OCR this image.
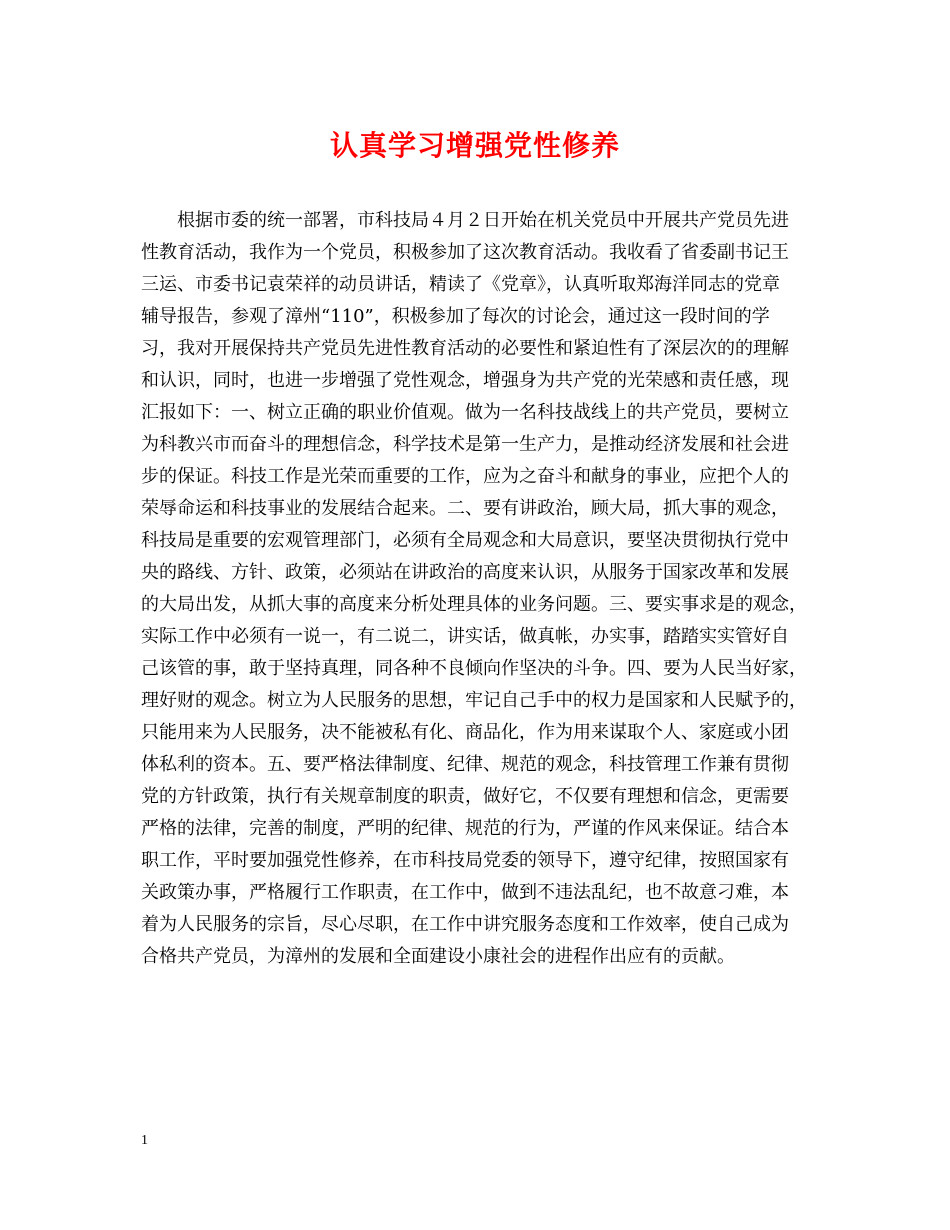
认真学习增强党性修养
根据市委的统一部署，市科技局４月２日开始在机关党员中开展共产党员先进
性教育活动，我作为一个党员，积极参加了这次教育活动。我收看了省委副书记王
三运、市委书记袁荣祥的动员讲话，精读了《党章》，认真听取郑海洋同志的党章
辅导报告，参观了漳州“110”，积极参加了每次的讨论会，通过这一段时间的学
习，我对开展保持共产党员先进性教育活动的必要性和紧迫性有了深层次的的理解
和认识，同时，也进一步增强了党性观念，增强身为共产党的光荣感和责任感，现
汇报如下：一、树立正确的职业价值观。做为一名科技战线上的共产党员，要树立
为科教兴市而奋斗的理想信念，科学技术是第一生产力，是推动经济发展和社会进
步的保证。科技工作是光荣而重要的工作，应为之奋斗和献身的事业，应把个人的
荣辱命运和科技事业的发展结合起来。二、要有讲政治，顾大局，抓大事的观念，
科技局是重要的宏观管理部门，必须有全局观念和大局意识，要坚决贯彻执行党中
央的路线、方针、政策，必须站在讲政治的高度来认识，从服务于国家改革和发展
的大局出发，从抓大事的高度来分析处理具体的业务问题。三、要实事求是的观念，
实际工作中必须有一说一，有二说二，讲实话，做真帐，办实事，踏踏实实管好自
己该管的事，敢于坚持真理，同各种不良倾向作坚决的斗争。四、要为人民当好家，
理好财的观念。树立为人民服务的思想，牢记自己手中的权力是国家和人民赋予的，
只能用来为人民服务，决不能被私有化、商品化，作为用来谋取个人、家庭或小团
体私利的资本。五、要严格法律制度、纪律、规范的观念，科技管理工作兼有贯彻
党的方针政策，执行有关规章制度的职责，做好它，不仅要有理想和信念，更需要
严格的法律，完善的制度，严明的纪律、规范的行为，严谨的作风来保证。结合本
职工作，平时要加强党性修养，在市科技局党委的领导下，遵守纪律，按照国家有
关政策办事，严格履行工作职责，在工作中，做到不违法乱纪，也不故意刁难，本
着为人民服务的宗旨，尽心尽职，在工作中讲究服务态度和工作效率，使自己成为
合格共产党员，为漳州的发展和全面建设小康社会的进程作出应有的贡献。
1
